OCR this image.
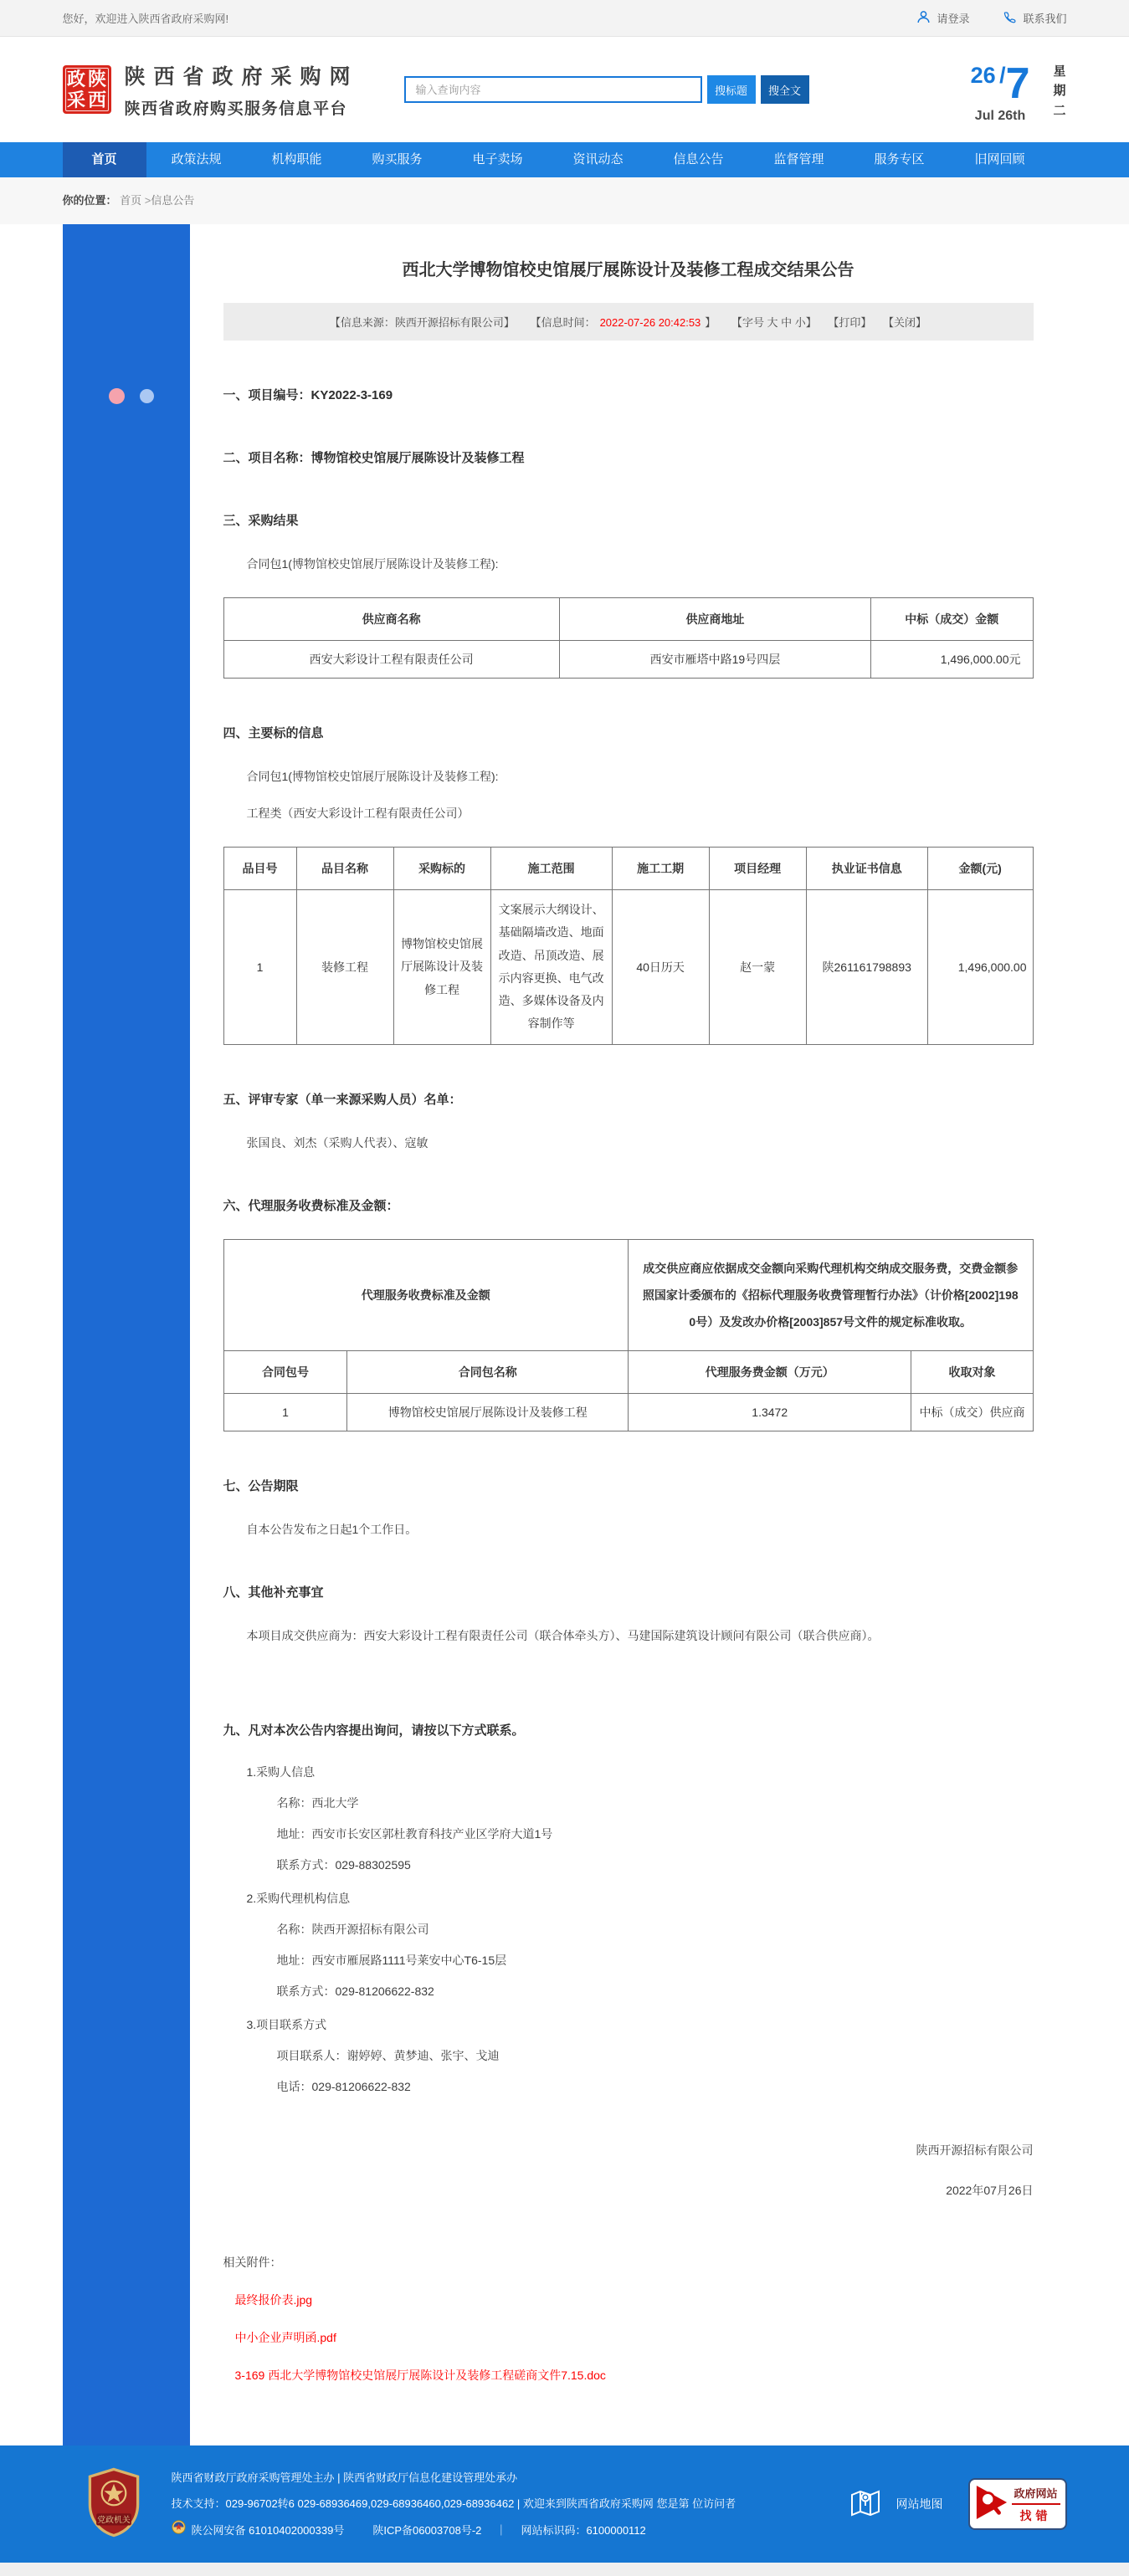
您好，欢迎进入陕西省政府采购网!	请登录	联系我们
政 陕
采 西
陕西省政府采购网
陕西省政府购买服务信息平台
输入查询内容
搜标题	搜全文
26 /7
Jul 26th
星期二
首页	政策法规	机构职能	购买服务	电子卖场	资讯动态	信息公告	监督管理	服务专区	旧网回顾
你的位置： 首页 >信息公告
西北大学博物馆校史馆展厅展陈设计及装修工程成交结果公告
【信息来源：陕西开源招标有限公司】 【信息时间： 2022-07-26 20:42:53 】 【字号 大 中 小】 【打印】 【关闭】
一、项目编号：KY2022-3-169
二、项目名称：博物馆校史馆展厅展陈设计及装修工程
三、采购结果
合同包1(博物馆校史馆展厅展陈设计及装修工程):
供应商名称	供应商地址	中标（成交）金额
西安大彩设计工程有限责任公司	西安市雁塔中路19号四层	1,496,000.00元
四、主要标的信息
合同包1(博物馆校史馆展厅展陈设计及装修工程):
工程类（西安大彩设计工程有限责任公司）
品目号	品目名称	采购标的	施工范围	施工工期	项目经理	执业证书信息	金额(元)
1	装修工程	博物馆校史馆展厅展陈设计及装修工程	文案展示大纲设计、基础隔墙改造、地面改造、吊顶改造、展示内容更换、电气改造、多媒体设备及内容制作等	40日历天	赵一蒙	陕261161798893	1,496,000.00
五、评审专家（单一来源采购人员）名单：
张国良、刘杰（采购人代表）、寇敏
六、代理服务收费标准及金额：
代理服务收费标准及金额		成交供应商应依据成交金额向采购代理机构交纳成交服务费，交费金额参照国家计委颁布的《招标代理服务收费管理暂行办法》（计价格[2002]1980号）及发改办价格[2003]857号文件的规定标准收取。	
合同包号	合同包名称	代理服务费金额（万元）	收取对象
1	博物馆校史馆展厅展陈设计及装修工程	1.3472	中标（成交）供应商
七、公告期限
自本公告发布之日起1个工作日。
八、其他补充事宜
本项目成交供应商为：西安大彩设计工程有限责任公司（联合体牵头方）、马建国际建筑设计顾问有限公司（联合供应商）。
九、凡对本次公告内容提出询问，请按以下方式联系。
1.采购人信息
名称：西北大学
地址：西安市长安区郭杜教育科技产业区学府大道1号
联系方式：029-88302595
2.采购代理机构信息
名称：陕西开源招标有限公司
地址：西安市雁展路1111号莱安中心T6-15层
联系方式：029-81206622-832
3.项目联系方式
项目联系人：谢婷婷、黄梦迪、张宇、戈迪
电话：029-81206622-832
陕西开源招标有限公司
2022年07月26日
相关附件：
最终报价表.jpg
中小企业声明函.pdf
3-169 西北大学博物馆校史馆展厅展陈设计及装修工程磋商文件7.15.doc
党政机关
陕西省财政厅政府采购管理处主办 | 陕西省财政厅信息化建设管理处承办
技术支持：029-96702转6 029-68936469,029-68936460,029-68936462 | 欢迎来到陕西省政府采购网 您是第 位访问者
陕公网安备 61010402000339号	陕ICP备06003708号-2 ｜ 网站标识码：6100000112
网站地图
政府网站
找错
